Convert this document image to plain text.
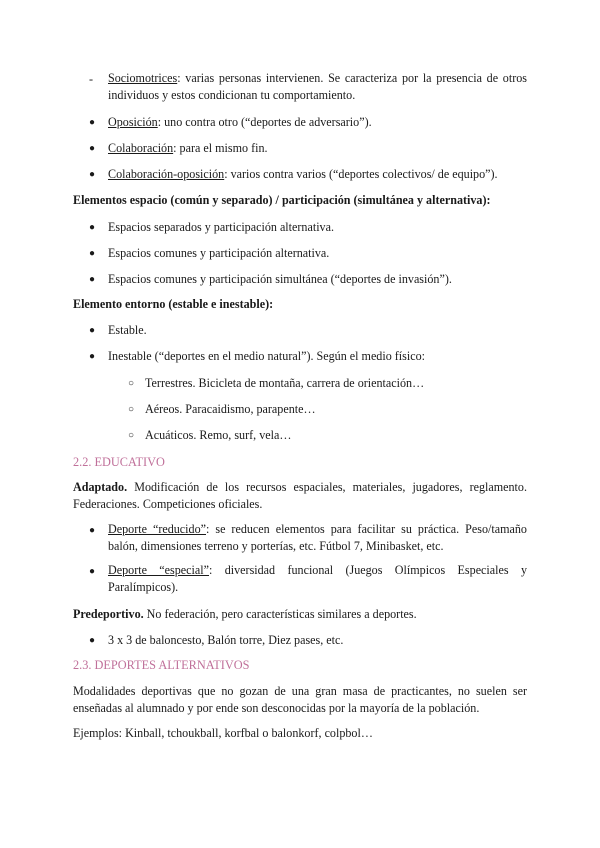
- Sociomotrices: varias personas intervienen. Se caracteriza por la presencia de otros individuos y estos condicionan tu comportamiento.
● Oposición: uno contra otro (“deportes de adversario”).
● Colaboración: para el mismo fin.
● Colaboración-oposición: varios contra varios (“deportes colectivos/ de equipo”).
Elementos espacio (común y separado) / participación (simultánea y alternativa):
● Espacios separados y participación alternativa.
● Espacios comunes y participación alternativa.
● Espacios comunes y participación simultánea (“deportes de invasión”).
Elemento entorno (estable e inestable):
● Estable.
● Inestable (“deportes en el medio natural”). Según el medio físico:
○ Terrestres. Bicicleta de montaña, carrera de orientación…
○ Aéreos. Paracaidismo, parapente…
○ Acuáticos. Remo, surf, vela…
2.2. EDUCATIVO
Adaptado. Modificación de los recursos espaciales, materiales, jugadores, reglamento. Federaciones. Competiciones oficiales.
● Deporte “reducido”: se reducen elementos para facilitar su práctica. Peso/tamaño balón, dimensiones terreno y porterías, etc. Fútbol 7, Minibasket, etc.
● Deporte “especial”: diversidad funcional (Juegos Olímpicos Especiales y Paralímpicos).
Predeportivo. No federación, pero características similares a deportes.
● 3 x 3 de baloncesto, Balón torre, Diez pases, etc.
2.3. DEPORTES ALTERNATIVOS
Modalidades deportivas que no gozan de una gran masa de practicantes, no suelen ser enseñadas al alumnado y por ende son desconocidas por la mayoría de la población.
Ejemplos: Kinball, tchoukball, korfbal o balonkorf, colpbol…
